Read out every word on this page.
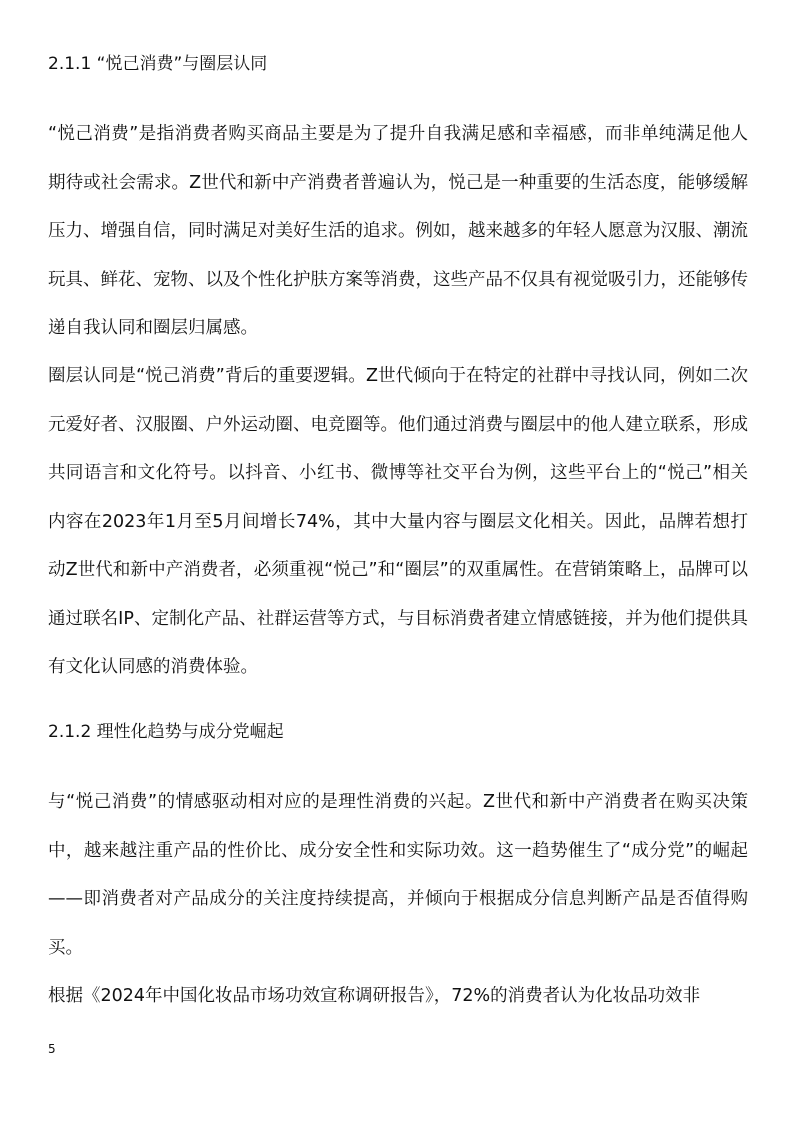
2.1.1 “悦己消费”与圈层认同
“悦己消费”是指消费者购买商品主要是为了提升自我满足感和幸福感，而非单纯满足他人期待或社会需求。Z世代和新中产消费者普遍认为，悦己是一种重要的生活态度，能够缓解压力、增强自信，同时满足对美好生活的追求。例如，越来越多的年轻人愿意为汉服、潮流玩具、鲜花、宠物、以及个性化护肤方案等消费，这些产品不仅具有视觉吸引力，还能够传递自我认同和圈层归属感。
圈层认同是“悦己消费”背后的重要逻辑。Z世代倾向于在特定的社群中寻找认同，例如二次元爱好者、汉服圈、户外运动圈、电竞圈等。他们通过消费与圈层中的他人建立联系，形成共同语言和文化符号。以抖音、小红书、微博等社交平台为例，这些平台上的“悦己”相关内容在2023年1月至5月间增长74%，其中大量内容与圈层文化相关。因此，品牌若想打动Z世代和新中产消费者，必须重视“悦己”和“圈层”的双重属性。在营销策略上，品牌可以通过联名IP、定制化产品、社群运营等方式，与目标消费者建立情感链接，并为他们提供具有文化认同感的消费体验。
2.1.2 理性化趋势与成分党崛起
与“悦己消费”的情感驱动相对应的是理性消费的兴起。Z世代和新中产消费者在购买决策中，越来越注重产品的性价比、成分安全性和实际功效。这一趋势催生了“成分党”的崛起——即消费者对产品成分的关注度持续提高，并倾向于根据成分信息判断产品是否值得购买。
根据《2024年中国化妆品市场功效宣称调研报告》，72%的消费者认为化妆品功效非
5
